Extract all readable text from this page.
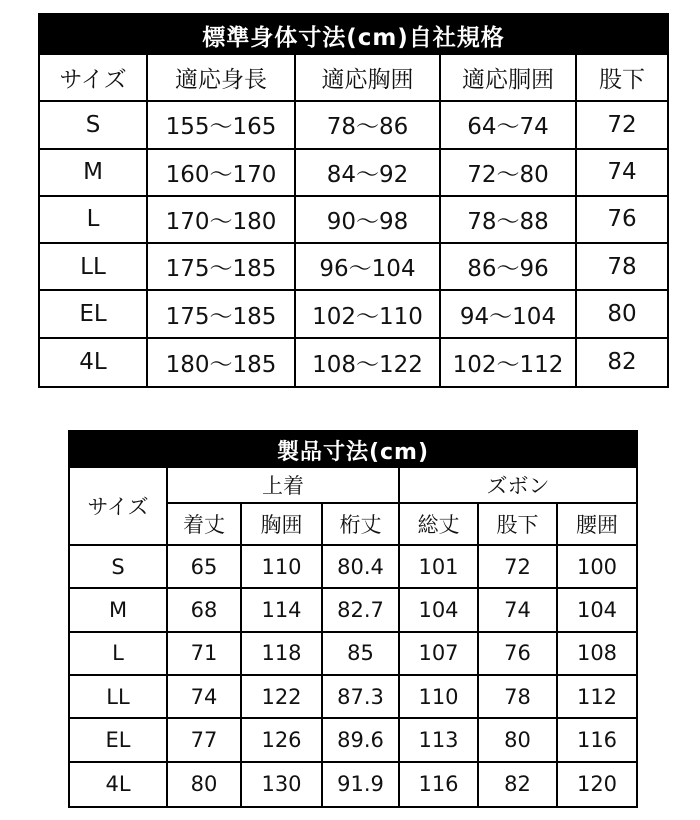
標準身体寸法(cm)自社規格
サイズ	適応身長	適応胸囲	適応胴囲	股下
S	155～165	78～86	64～74	72
M	160～170	84～92	72～80	74
L	170～180	90～98	78～88	76
LL	175～185	96～104	86～96	78
EL	175～185	102～110	94～104	80
4L	180～185	108～122	102～112	82
製品寸法(cm)
サイズ
上着	ズボン
着丈	胸囲	桁丈	総丈	股下	腰囲
S	65	110	80.4	101	72	100
M	68	114	82.7	104	74	104
L	71	118	85	107	76	108
LL	74	122	87.3	110	78	112
EL	77	126	89.6	113	80	116
4L	80	130	91.9	116	82	120
